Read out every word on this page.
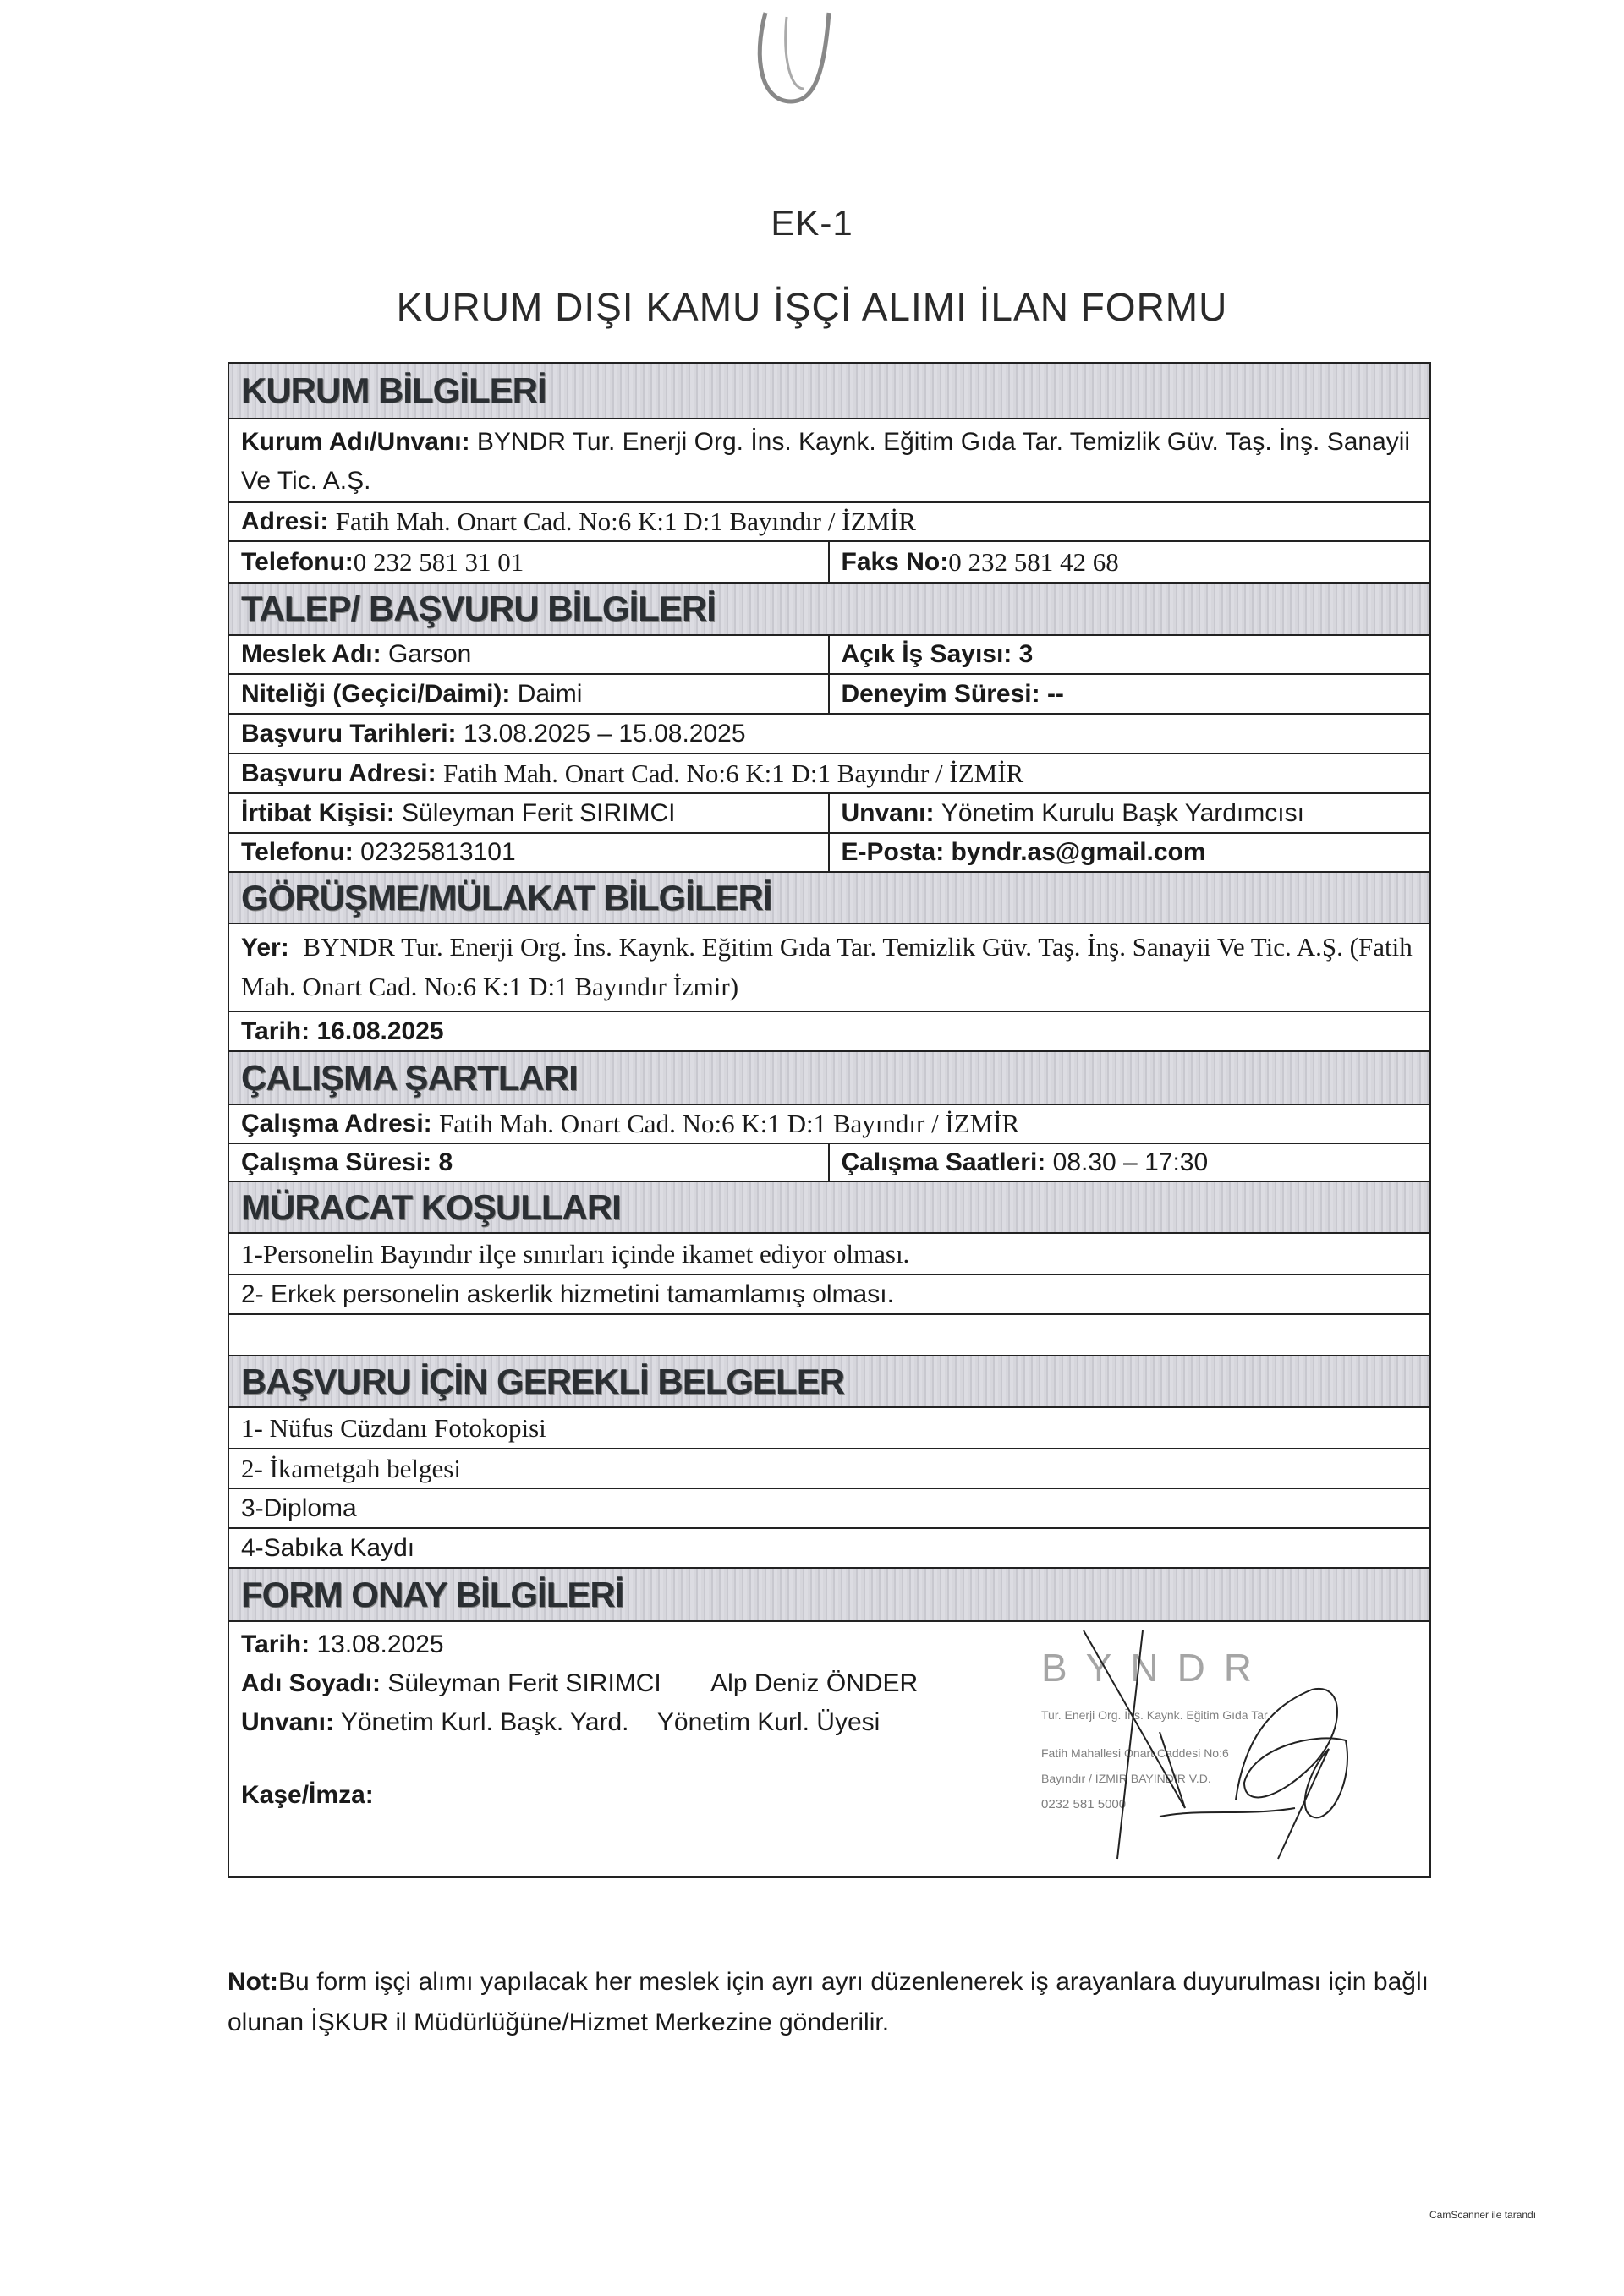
EK-1
KURUM DIŞI KAMU İŞÇİ ALIMI İLAN FORMU
KURUM BİLGİLERİ
Kurum Adı/Unvanı: BYNDR Tur. Enerji Org. İns. Kaynk. Eğitim Gıda Tar. Temizlik Güv. Taş. İnş. Sanayii Ve Tic. A.Ş.
Adresi:
Fatih Mah. Onart Cad. No:6 K:1 D:1 Bayındır / İZMİR
Telefonu: 0 232 581 31 01	Faks No: 0 232 581 42 68
TALEP/ BAŞVURU BİLGİLERİ
Meslek Adı:
Garson	Açık İş Sayısı:
3
Niteliği (Geçici/Daimi):
Daimi	Deneyim Süresi:
--
Başvuru Tarihleri:
13.08.2025 – 15.08.2025
Başvuru Adresi:
Fatih Mah. Onart Cad. No:6 K:1 D:1 Bayındır / İZMİR
İrtibat Kişisi:
Süleyman Ferit SIRIMCI	Unvanı:
Yönetim Kurulu Başk Yardımcısı
Telefonu:
02325813101	E-Posta:
byndr.as@gmail.com
GÖRÜŞME/MÜLAKAT BİLGİLERİ
Yer: BYNDR Tur. Enerji Org. İns. Kaynk. Eğitim Gıda Tar. Temizlik Güv. Taş. İnş. Sanayii Ve Tic. A.Ş. (Fatih Mah. Onart Cad. No:6 K:1 D:1 Bayındır İzmir)
Tarih:
16.08.2025
ÇALIŞMA ŞARTLARI
Çalışma Adresi:
Fatih Mah. Onart Cad. No:6 K:1 D:1 Bayındır / İZMİR
Çalışma Süresi:
8	Çalışma Saatleri:
08.30 – 17:30
MÜRACAT KOŞULLARI
1-Personelin Bayındır ilçe sınırları içinde ikamet ediyor olması.
2- Erkek personelin askerlik hizmetini tamamlamış olması.
BAŞVURU İÇİN GEREKLİ BELGELER
1- Nüfus Cüzdanı Fotokopisi
2- İkametgah belgesi
3-Diploma
4-Sabıka Kaydı
FORM ONAY BİLGİLERİ
Tarih: 13.08.2025
Adı Soyadı: Süleyman Ferit SIRIMCI Alp Deniz ÖNDER
Unvanı: Yönetim Kurl. Başk. Yard. Yönetim Kurl. Üyesi
Kaşe/İmza:
BYNDR
Tur. Enerji Org. İns. Kaynk. Eğitim Gıda Tar.
Fatih Mahallesi Onart Caddesi No:6
Bayındır / İZMİR BAYINDIR V.D.
0232 581 5000
Not:Bu form işçi alımı yapılacak her meslek için ayrı ayrı düzenlenerek iş arayanlara duyurulması için bağlı olunan İŞKUR il Müdürlüğüne/Hizmet Merkezine gönderilir.
CamScanner ile tarandı
